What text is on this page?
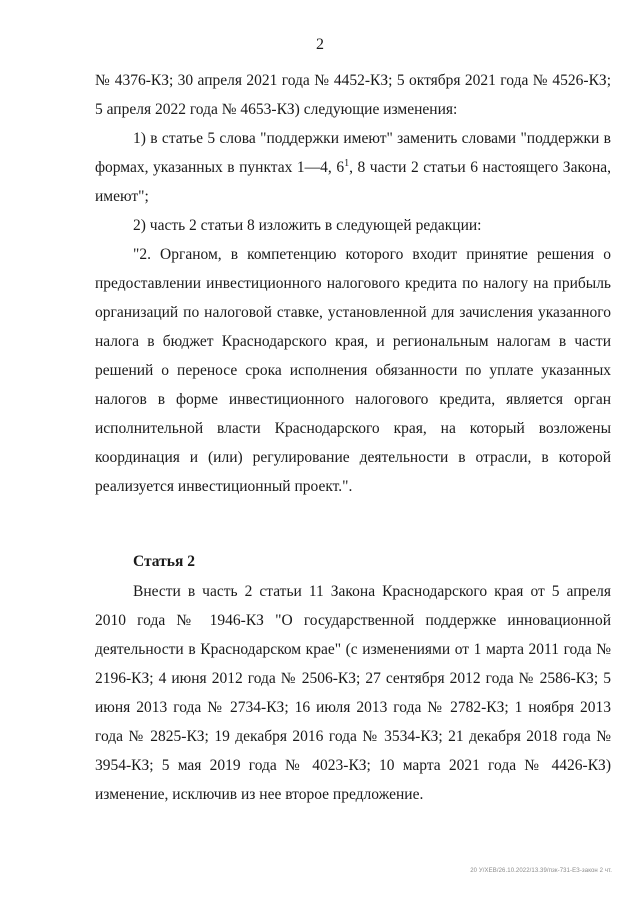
2

№ 4376-КЗ; 30 апреля 2021 года № 4452-КЗ; 5 октября 2021 года № 4526-КЗ; 5 апреля 2022 года № 4653-КЗ) следующие изменения:

1) в статье 5 слова "поддержки имеют" заменить словами "поддержки в формах, указанных в пунктах 1—4, $6^1$, 8 части 2 статьи 6 настоящего Закона, имеют";

2) часть 2 статьи 8 изложить в следующей редакции:

"2. Органом, в компетенцию которого входит принятие решения о предоставлении инвестиционного налогового кредита по налогу на прибыль организаций по налоговой ставке, установленной для зачисления указанного налога в бюджет Краснодарского края, и региональным налогам в части решений о переносе срока исполнения обязанности по уплате указанных налогов в форме инвестиционного налогового кредита, является орган исполнительной власти Краснодарского края, на который возложены координация и (или) регулирование деятельности в отрасли, в которой реализуется инвестиционный проект.".

Статья 2

Внести в часть 2 статьи 11 Закона Краснодарского края от 5 апреля 2010 года № 1946-КЗ "О государственной поддержке инновационной деятельности в Краснодарском крае" (с изменениями от 1 марта 2011 года № 2196-КЗ; 4 июня 2012 года № 2506-КЗ; 27 сентября 2012 года № 2586-КЗ; 5 июня 2013 года № 2734-КЗ; 16 июля 2013 года № 2782-КЗ; 1 ноября 2013 года № 2825-КЗ; 19 декабря 2016 года № 3534-КЗ; 21 декабря 2018 года № 3954-КЗ; 5 мая 2019 года № 4023-КЗ; 10 марта 2021 года № 4426-КЗ) изменение, исключив из нее второе предложение.

20 У/ХЕВ/26.10.2022/13.39/пзк-731-ЕЗ-закон 2 чт.
